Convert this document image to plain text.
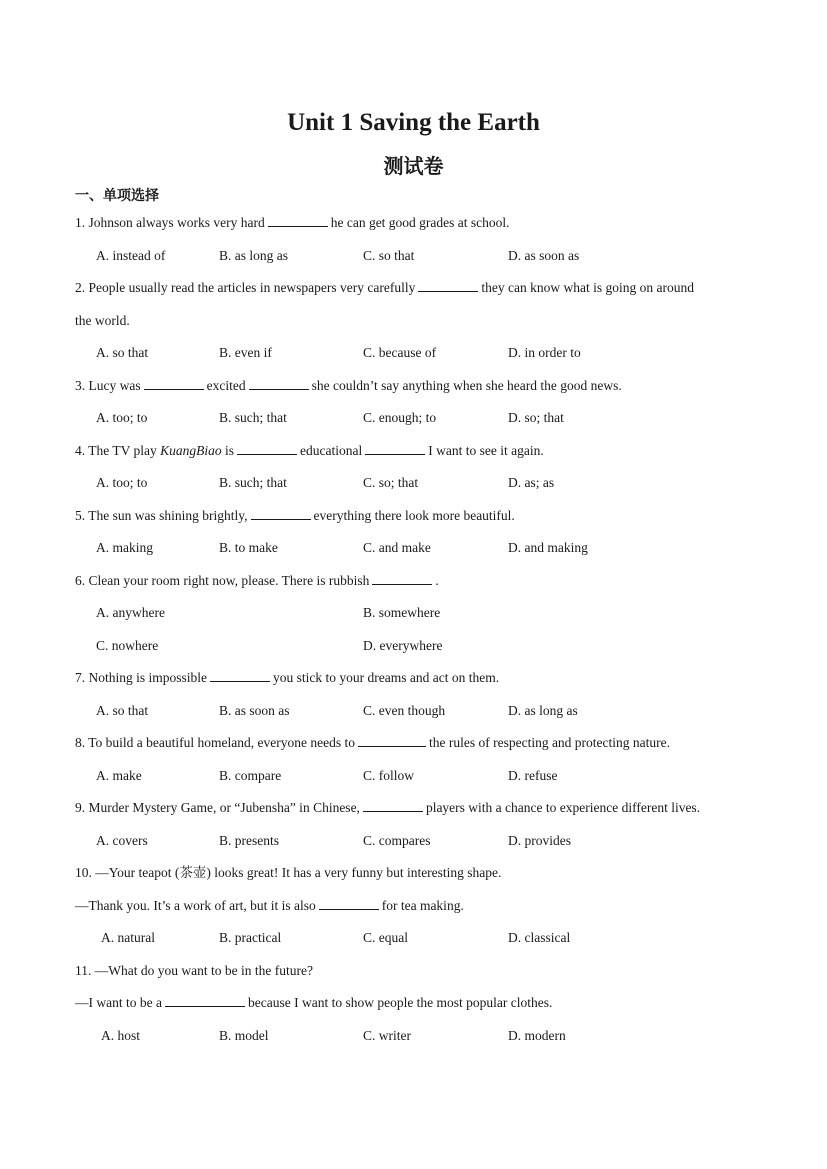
Unit 1 Saving the Earth
测试卷
一、单项选择
1. Johnson always works very hard	he can get good grades at school.
A. instead of	B. as long as	C. so that	D. as soon as
2. People usually read the articles in newspapers very carefully	they can know what is going on around
the world.
A. so that	B. even if	C. because of	D. in order to
3. Lucy was	excited	she couldn’t say anything when she heard the good news.
A. too; to	B. such; that	C. enough; to	D. so; that
4. The TV play KuangBiao is	educational	I want to see it again.
A. too; to	B. such; that	C. so; that	D. as; as
5. The sun was shining brightly,	everything there look more beautiful.
A. making	B. to make	C. and make	D. and making
6. Clean your room right now, please. There is rubbish	.
A. anywhere	B. somewhere
C. nowhere	D. everywhere
7. Nothing is impossible	you stick to your dreams and act on them.
A. so that	B. as soon as	C. even though	D. as long as
8. To build a beautiful homeland, everyone needs to	the rules of respecting and protecting nature.
A. make	B. compare	C. follow	D. refuse
9. Murder Mystery Game, or “Jubensha” in Chinese,	players with a chance to experience different lives.
A. covers	B. presents	C. compares	D. provides
10. —Your teapot (茶壶) looks great! It has a very funny but interesting shape.
—Thank you. It’s a work of art, but it is also	for tea making.
A. natural	B. practical	C. equal	D. classical
11. —What do you want to be in the future?
—I want to be a	because I want to show people the most popular clothes.
A. host	B. model	C. writer	D. modern
